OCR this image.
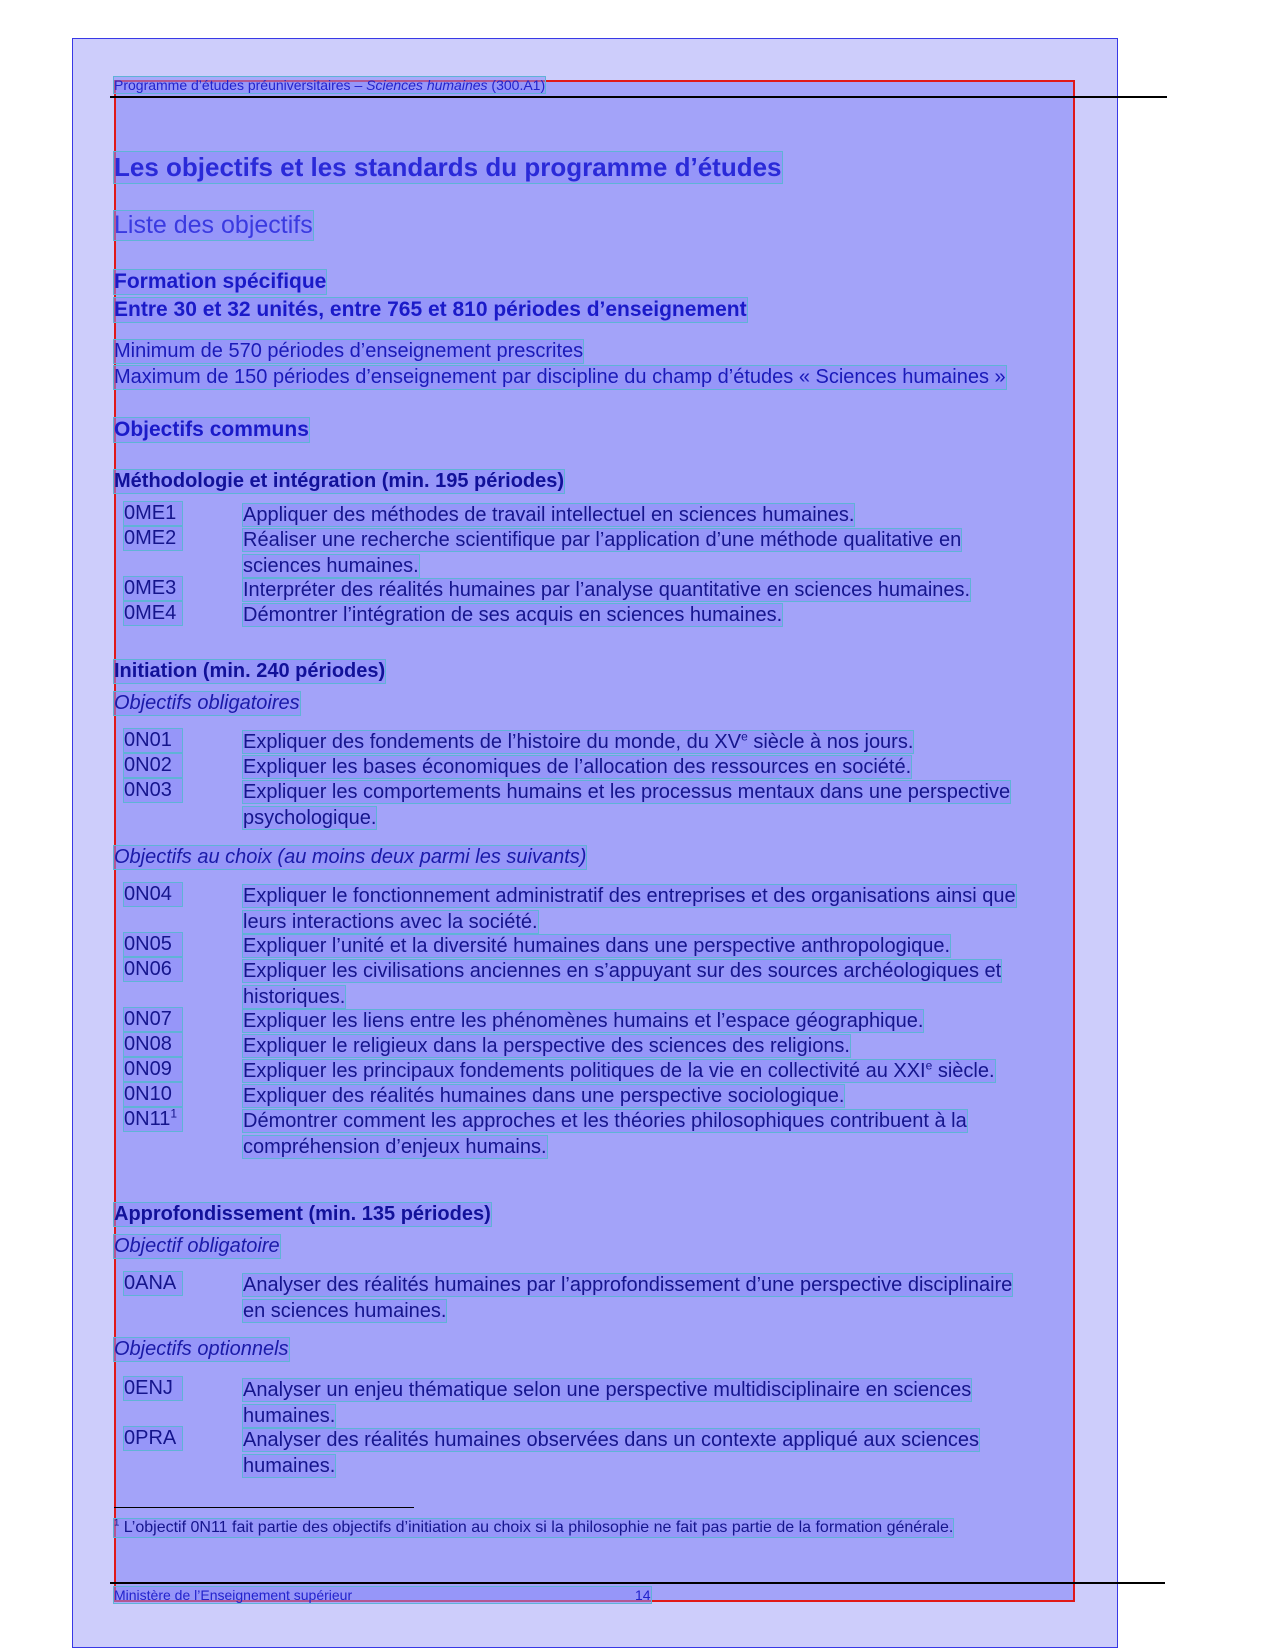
Programme d’études préuniversitaires – Sciences humaines (300.A1)
Les objectifs et les standards du programme d’études
Liste des objectifs
Formation spécifique
Entre 30 et 32 unités, entre 765 et 810 périodes d’enseignement
Minimum de 570 périodes d’enseignement prescrites
Maximum de 150 périodes d’enseignement par discipline du champ d’études « Sciences humaines »
Objectifs communs
Méthodologie et intégration (min. 195 périodes)
0ME1	Appliquer des méthodes de travail intellectuel en sciences humaines.
0ME2	Réaliser une recherche scientifique par l’application d’une méthode qualitative en
sciences humaines.
0ME3	Interpréter des réalités humaines par l’analyse quantitative en sciences humaines.
0ME4	Démontrer l’intégration de ses acquis en sciences humaines.
Initiation (min. 240 périodes)
Objectifs obligatoires
0N01	Expliquer des fondements de l’histoire du monde, du XVe siècle à nos jours.
0N02	Expliquer les bases économiques de l’allocation des ressources en société.
0N03	Expliquer les comportements humains et les processus mentaux dans une perspective
psychologique.
Objectifs au choix (au moins deux parmi les suivants)
0N04	Expliquer le fonctionnement administratif des entreprises et des organisations ainsi que
leurs interactions avec la société.
0N05	Expliquer l’unité et la diversité humaines dans une perspective anthropologique.
0N06	Expliquer les civilisations anciennes en s’appuyant sur des sources archéologiques et
historiques.
0N07	Expliquer les liens entre les phénomènes humains et l’espace géographique.
0N08	Expliquer le religieux dans la perspective des sciences des religions.
0N09	Expliquer les principaux fondements politiques de la vie en collectivité au XXIe siècle.
0N10	Expliquer des réalités humaines dans une perspective sociologique.
$0N11^1$	Démontrer comment les approches et les théories philosophiques contribuent à la
compréhension d’enjeux humains.
Approfondissement (min. 135 périodes)
Objectif obligatoire
0ANA	Analyser des réalités humaines par l’approfondissement d’une perspective disciplinaire
en sciences humaines.
Objectifs optionnels
0ENJ	Analyser un enjeu thématique selon une perspective multidisciplinaire en sciences
humaines.
0PRA	Analyser des réalités humaines observées dans un contexte appliqué aux sciences
humaines.
$^1$ L’objectif 0N11 fait partie des objectifs d’initiation au choix si la philosophie ne fait pas partie de la formation générale.
Ministère de l’Enseignement supérieur	14
